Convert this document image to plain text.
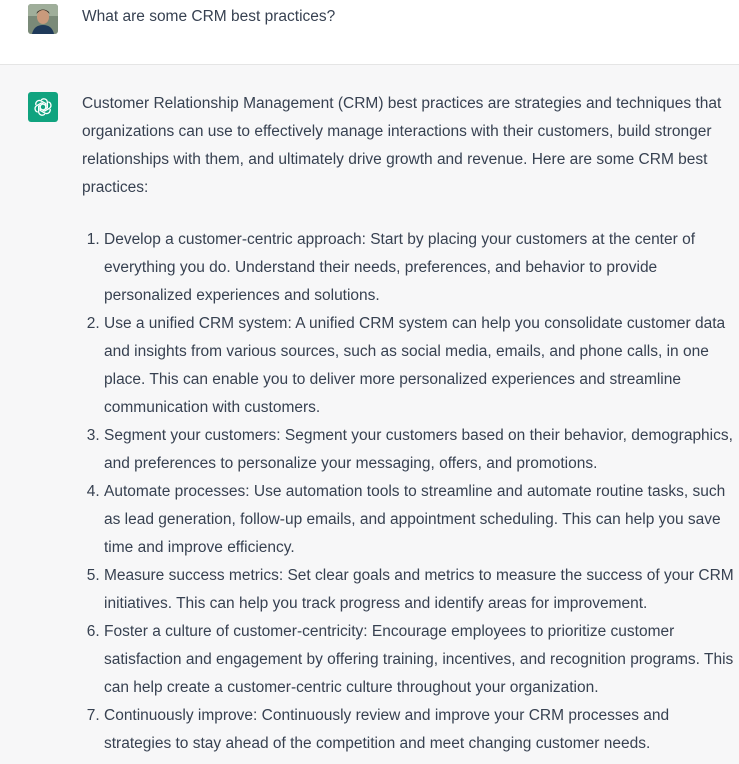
What are some CRM best practices?

Customer Relationship Management (CRM) best practices are strategies and techniques that organizations can use to effectively manage interactions with their customers, build stronger relationships with them, and ultimately drive growth and revenue. Here are some CRM best practices:

1. Develop a customer-centric approach: Start by placing your customers at the center of everything you do. Understand their needs, preferences, and behavior to provide personalized experiences and solutions.
2. Use a unified CRM system: A unified CRM system can help you consolidate customer data and insights from various sources, such as social media, emails, and phone calls, in one place. This can enable you to deliver more personalized experiences and streamline communication with customers.
3. Segment your customers: Segment your customers based on their behavior, demographics, and preferences to personalize your messaging, offers, and promotions.
4. Automate processes: Use automation tools to streamline and automate routine tasks, such as lead generation, follow-up emails, and appointment scheduling. This can help you save time and improve efficiency.
5. Measure success metrics: Set clear goals and metrics to measure the success of your CRM initiatives. This can help you track progress and identify areas for improvement.
6. Foster a culture of customer-centricity: Encourage employees to prioritize customer satisfaction and engagement by offering training, incentives, and recognition programs. This can help create a customer-centric culture throughout your organization.
7. Continuously improve: Continuously review and improve your CRM processes and strategies to stay ahead of the competition and meet changing customer needs.
